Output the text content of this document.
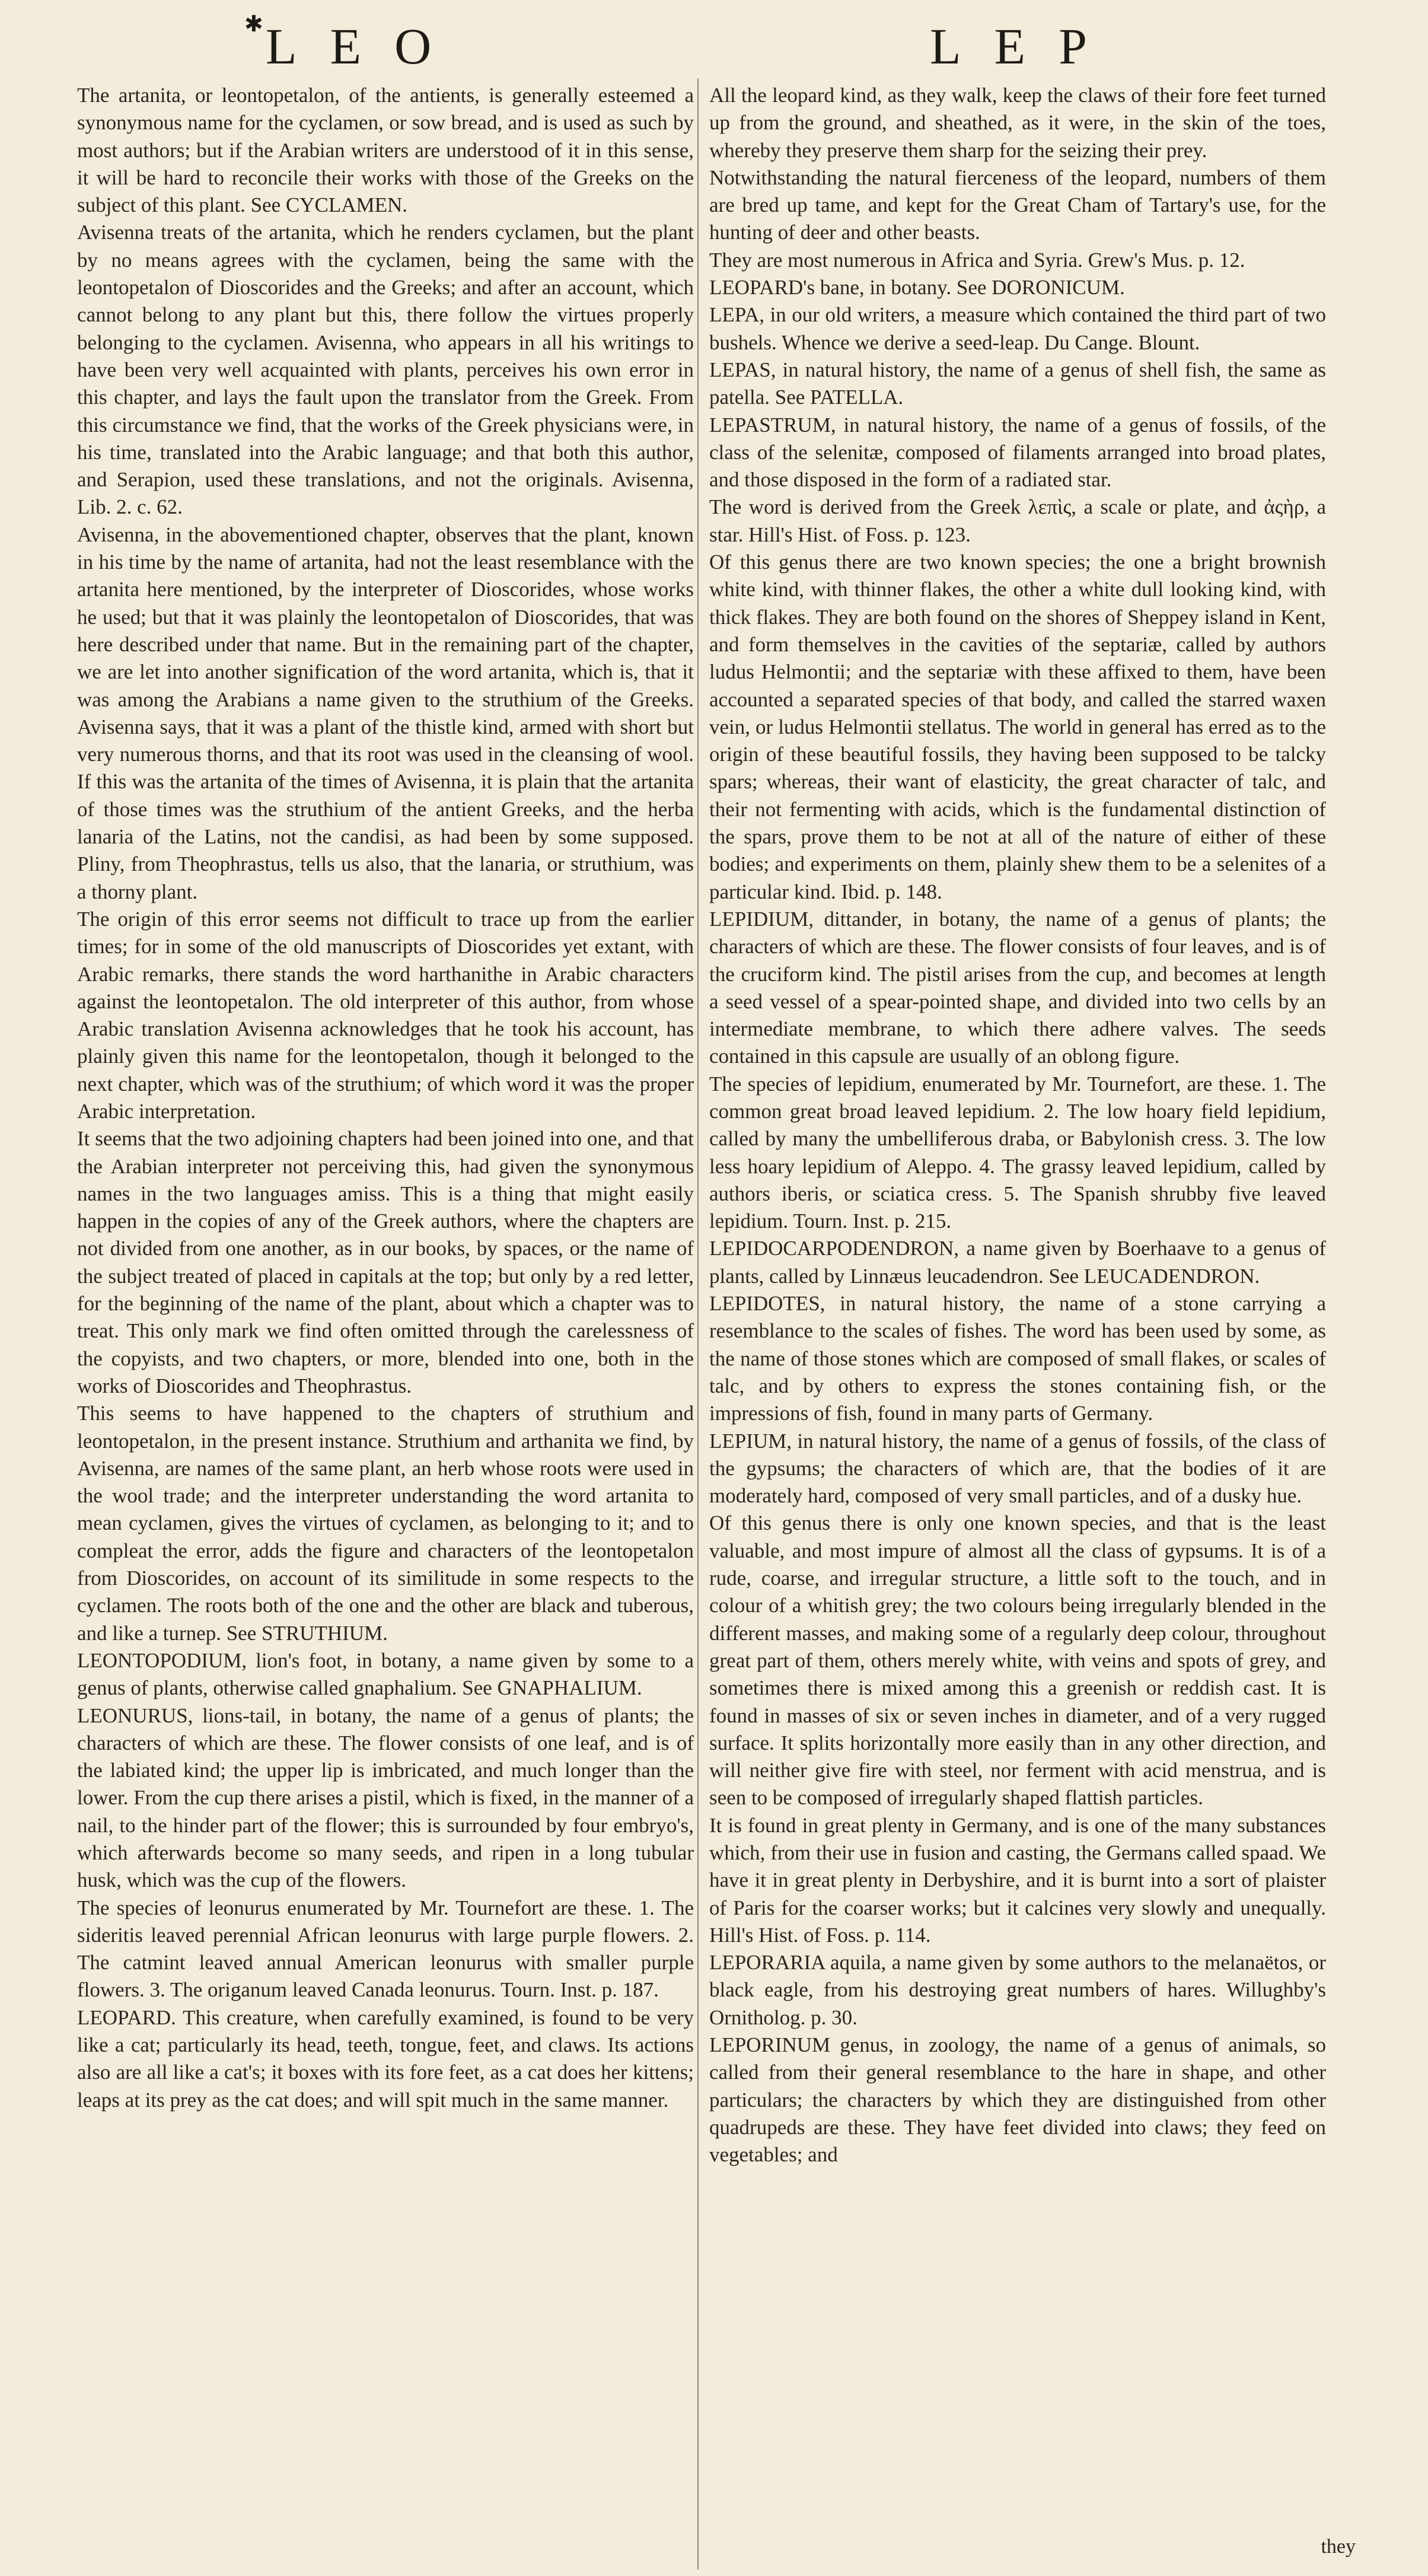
✱ LEO	LEP

The artanita, or leontopetalon, of the antients, is generally esteemed a synonymous name for the cyclamen, or sow bread, and is used as such by most authors; but if the Arabian writers are understood of it in this sense, it will be hard to reconcile their works with those of the Greeks on the subject of this plant. See CYCLAMEN.

Avisenna treats of the artanita, which he renders cyclamen, but the plant by no means agrees with the cyclamen, being the same with the leontopetalon of Dioscorides and the Greeks; and after an account, which cannot belong to any plant but this, there follow the virtues properly belonging to the cyclamen. Avisenna, who appears in all his writings to have been very well acquainted with plants, perceives his own error in this chapter, and lays the fault upon the translator from the Greek. From this circumstance we find, that the works of the Greek physicians were, in his time, translated into the Arabic language; and that both this author, and Serapion, used these translations, and not the originals. Avisenna, Lib. 2. c. 62.

Avisenna, in the abovementioned chapter, observes that the plant, known in his time by the name of artanita, had not the least resemblance with the artanita here mentioned, by the interpreter of Dioscorides, whose works he used; but that it was plainly the leontopetalon of Dioscorides, that was here described under that name. But in the remaining part of the chapter, we are let into another signification of the word artanita, which is, that it was among the Arabians a name given to the struthium of the Greeks. Avisenna says, that it was a plant of the thistle kind, armed with short but very numerous thorns, and that its root was used in the cleansing of wool. If this was the artanita of the times of Avisenna, it is plain that the artanita of those times was the struthium of the antient Greeks, and the herba lanaria of the Latins, not the candisi, as had been by some supposed. Pliny, from Theophrastus, tells us also, that the lanaria, or struthium, was a thorny plant.

The origin of this error seems not difficult to trace up from the earlier times; for in some of the old manuscripts of Dioscorides yet extant, with Arabic remarks, there stands the word harthanithe in Arabic characters against the leontopetalon. The old interpreter of this author, from whose Arabic translation Avisenna acknowledges that he took his account, has plainly given this name for the leontopetalon, though it belonged to the next chapter, which was of the struthium; of which word it was the proper Arabic interpretation.

It seems that the two adjoining chapters had been joined into one, and that the Arabian interpreter not perceiving this, had given the synonymous names in the two languages amiss. This is a thing that might easily happen in the copies of any of the Greek authors, where the chapters are not divided from one another, as in our books, by spaces, or the name of the subject treated of placed in capitals at the top; but only by a red letter, for the beginning of the name of the plant, about which a chapter was to treat. This only mark we find often omitted through the carelessness of the copyists, and two chapters, or more, blended into one, both in the works of Dioscorides and Theophrastus.

This seems to have happened to the chapters of struthium and leontopetalon, in the present instance. Struthium and arthanita we find, by Avisenna, are names of the same plant, an herb whose roots were used in the wool trade; and the interpreter understanding the word artanita to mean cyclamen, gives the virtues of cyclamen, as belonging to it; and to compleat the error, adds the figure and characters of the leontopetalon from Dioscorides, on account of its similitude in some respects to the cyclamen. The roots both of the one and the other are black and tuberous, and like a turnep. See STRUTHIUM.

LEONTOPODIUM, lion's foot, in botany, a name given by some to a genus of plants, otherwise called gnaphalium. See GNAPHALIUM.

LEONURUS, lions-tail, in botany, the name of a genus of plants; the characters of which are these. The flower consists of one leaf, and is of the labiated kind; the upper lip is imbricated, and much longer than the lower. From the cup there arises a pistil, which is fixed, in the manner of a nail, to the hinder part of the flower; this is surrounded by four embryo's, which afterwards become so many seeds, and ripen in a long tubular husk, which was the cup of the flowers.

The species of leonurus enumerated by Mr. Tournefort are these. 1. The sideritis leaved perennial African leonurus with large purple flowers. 2. The catmint leaved annual American leonurus with smaller purple flowers. 3. The origanum leaved Canada leonurus. Tourn. Inst. p. 187.

LEOPARD. This creature, when carefully examined, is found to be very like a cat; particularly its head, teeth, tongue, feet, and claws. Its actions also are all like a cat's; it boxes with its fore feet, as a cat does her kittens; leaps at its prey as the cat does; and will spit much in the same manner.

All the leopard kind, as they walk, keep the claws of their fore feet turned up from the ground, and sheathed, as it were, in the skin of the toes, whereby they preserve them sharp for the seizing their prey.

Notwithstanding the natural fierceness of the leopard, numbers of them are bred up tame, and kept for the Great Cham of Tartary's use, for the hunting of deer and other beasts.

They are most numerous in Africa and Syria. Grew's Mus. p. 12.

LEOPARD's bane, in botany. See DORONICUM.

LEPA, in our old writers, a measure which contained the third part of two bushels. Whence we derive a seed-leap. Du Cange. Blount.

LEPAS, in natural history, the name of a genus of shell fish, the same as patella. See PATELLA.

LEPASTRUM, in natural history, the name of a genus of fossils, of the class of the selenitæ, composed of filaments arranged into broad plates, and those disposed in the form of a radiated star.

The word is derived from the Greek λεπὶς, a scale or plate, and ἀςὴρ, a star. Hill's Hist. of Foss. p. 123.

Of this genus there are two known species; the one a bright brownish white kind, with thinner flakes, the other a white dull looking kind, with thick flakes. They are both found on the shores of Sheppey island in Kent, and form themselves in the cavities of the septariæ, called by authors ludus Helmontii; and the septariæ with these affixed to them, have been accounted a separated species of that body, and called the starred waxen vein, or ludus Helmontii stellatus. The world in general has erred as to the origin of these beautiful fossils, they having been supposed to be talcky spars; whereas, their want of elasticity, the great character of talc, and their not fermenting with acids, which is the fundamental distinction of the spars, prove them to be not at all of the nature of either of these bodies; and experiments on them, plainly shew them to be a selenites of a particular kind. Ibid. p. 148.

LEPIDIUM, dittander, in botany, the name of a genus of plants; the characters of which are these. The flower consists of four leaves, and is of the cruciform kind. The pistil arises from the cup, and becomes at length a seed vessel of a spear-pointed shape, and divided into two cells by an intermediate membrane, to which there adhere valves. The seeds contained in this capsule are usually of an oblong figure.

The species of lepidium, enumerated by Mr. Tournefort, are these. 1. The common great broad leaved lepidium. 2. The low hoary field lepidium, called by many the umbelliferous draba, or Babylonish cress. 3. The low less hoary lepidium of Aleppo. 4. The grassy leaved lepidium, called by authors iberis, or sciatica cress. 5. The Spanish shrubby five leaved lepidium. Tourn. Inst. p. 215.

LEPIDOCARPODENDRON, a name given by Boerhaave to a genus of plants, called by Linnæus leucadendron. See LEUCADENDRON.

LEPIDOTES, in natural history, the name of a stone carrying a resemblance to the scales of fishes. The word has been used by some, as the name of those stones which are composed of small flakes, or scales of talc, and by others to express the stones containing fish, or the impressions of fish, found in many parts of Germany.

LEPIUM, in natural history, the name of a genus of fossils, of the class of the gypsums; the characters of which are, that the bodies of it are moderately hard, composed of very small particles, and of a dusky hue.

Of this genus there is only one known species, and that is the least valuable, and most impure of almost all the class of gypsums. It is of a rude, coarse, and irregular structure, a little soft to the touch, and in colour of a whitish grey; the two colours being irregularly blended in the different masses, and making some of a regularly deep colour, throughout great part of them, others merely white, with veins and spots of grey, and sometimes there is mixed among this a greenish or reddish cast. It is found in masses of six or seven inches in diameter, and of a very rugged surface. It splits horizontally more easily than in any other direction, and will neither give fire with steel, nor ferment with acid menstrua, and is seen to be composed of irregularly shaped flattish particles.

It is found in great plenty in Germany, and is one of the many substances which, from their use in fusion and casting, the Germans called spaad. We have it in great plenty in Derbyshire, and it is burnt into a sort of plaister of Paris for the coarser works; but it calcines very slowly and unequally. Hill's Hist. of Foss. p. 114.

LEPORARIA aquila, a name given by some authors to the melanaëtos, or black eagle, from his destroying great numbers of hares. Willughby's Ornitholog. p. 30.

LEPORINUM genus, in zoology, the name of a genus of animals, so called from their general resemblance to the hare in shape, and other particulars; the characters by which they are distinguished from other quadrupeds are these. They have feet divided into claws; they feed on vegetables; and

they
